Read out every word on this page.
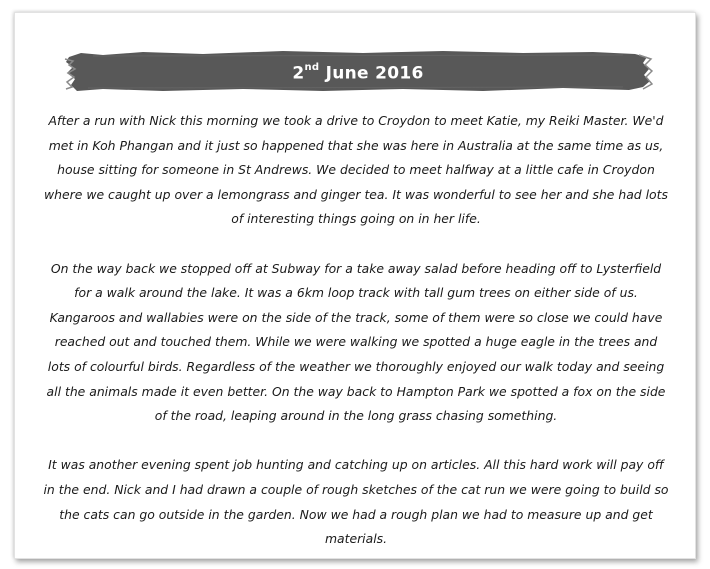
2nd June 2016

After a run with Nick this morning we took a drive to Croydon to meet Katie, my Reiki Master. We'd met in Koh Phangan and it just so happened that she was here in Australia at the same time as us, house sitting for someone in St Andrews. We decided to meet halfway at a little cafe in Croydon where we caught up over a lemongrass and ginger tea. It was wonderful to see her and she had lots of interesting things going on in her life.

On the way back we stopped off at Subway for a take away salad before heading off to Lysterfield for a walk around the lake. It was a 6km loop track with tall gum trees on either side of us. Kangaroos and wallabies were on the side of the track, some of them were so close we could have reached out and touched them. While we were walking we spotted a huge eagle in the trees and lots of colourful birds. Regardless of the weather we thoroughly enjoyed our walk today and seeing all the animals made it even better. On the way back to Hampton Park we spotted a fox on the side of the road, leaping around in the long grass chasing something.

It was another evening spent job hunting and catching up on articles. All this hard work will pay off in the end. Nick and I had drawn a couple of rough sketches of the cat run we were going to build so the cats can go outside in the garden. Now we had a rough plan we had to measure up and get materials.
